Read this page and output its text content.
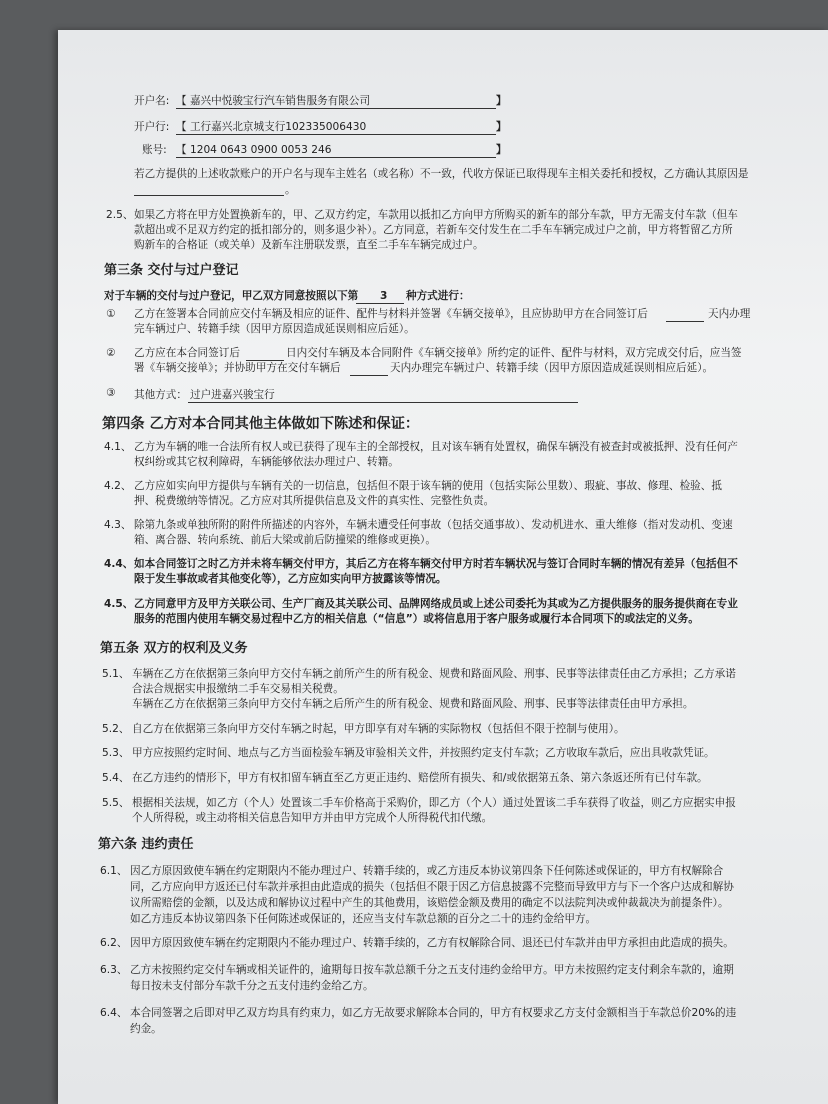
开户名: 【 嘉兴中悦骏宝行汽车销售服务有限公司	】
开户行: 【 工行嘉兴北京城支行102335006430	】
账号: 【 1204 0643 0900 0053 246	】
若乙方提供的上述收款账户的开户名与现车主姓名（或名称）不一致，代收方保证已取得现车主相关委托和授权，乙方确认其原因是
。
2.5、 如果乙方将在甲方处置换新车的，甲、乙双方约定，车款用以抵扣乙方向甲方所购买的新车的部分车款，甲方无需支付车款（但车
款超出或不足双方约定的抵扣部分的，则多退少补）。乙方同意，若新车交付发生在二手车车辆完成过户之前，甲方将暂留乙方所
购新车的合格证（或关单）及新车注册联发票，直至二手车车辆完成过户。
第三条 交付与过户登记
对于车辆的交付与过户登记，甲乙双方同意按照以下第 3 种方式进行：
① 乙方在签署本合同前应交付车辆及相应的证件、配件与材料并签署《车辆交接单》，且应协助甲方在合同签订后	天内办理
完车辆过户、转籍手续（因甲方原因造成延误则相应后延）。
② 乙方应在本合同签订后	日内交付车辆及本合同附件《车辆交接单》所约定的证件、配件与材料，双方完成交付后，应当签
署《车辆交接单》；并协助甲方在交付车辆后	天内办理完车辆过户、转籍手续（因甲方原因造成延误则相应后延）。
③ 其他方式： 过户进嘉兴骏宝行
第四条 乙方对本合同其他主体做如下陈述和保证：
4.1、 乙方为车辆的唯一合法所有权人或已获得了现车主的全部授权，且对该车辆有处置权，确保车辆没有被查封或被抵押、没有任何产
权纠纷或其它权利障碍，车辆能够依法办理过户、转籍。
4.2、 乙方应如实向甲方提供与车辆有关的一切信息，包括但不限于该车辆的使用（包括实际公里数）、瑕疵、事故、修理、检验、抵
押、税费缴纳等情况。乙方应对其所提供信息及文件的真实性、完整性负责。
4.3、 除第九条或单独所附的附件所描述的内容外，车辆未遭受任何事故（包括交通事故）、发动机进水、重大维修（指对发动机、变速
箱、离合器、转向系统、前后大梁或前后防撞梁的维修或更换）。
4.4、 如本合同签订之时乙方并未将车辆交付甲方，其后乙方在将车辆交付甲方时若车辆状况与签订合同时车辆的情况有差异（包括但不
限于发生事故或者其他变化等），乙方应如实向甲方披露该等情况。
4.5、 乙方同意甲方及甲方关联公司、生产厂商及其关联公司、品牌网络成员或上述公司委托为其或为乙方提供服务的服务提供商在专业
服务的范围内使用车辆交易过程中乙方的相关信息（“信息”）或将信息用于客户服务或履行本合同项下的或法定的义务。
第五条 双方的权利及义务
5.1、 车辆在乙方在依据第三条向甲方交付车辆之前所产生的所有税金、规费和路面风险、刑事、民事等法律责任由乙方承担；乙方承诺
合法合规据实申报缴纳二手车交易相关税费。
车辆在乙方在依据第三条向甲方交付车辆之后所产生的所有税金、规费和路面风险、刑事、民事等法律责任由甲方承担。
5.2、 自乙方在依据第三条向甲方交付车辆之时起，甲方即享有对车辆的实际物权（包括但不限于控制与使用）。
5.3、 甲方应按照约定时间、地点与乙方当面检验车辆及审验相关文件，并按照约定支付车款；乙方收取车款后，应出具收款凭证。
5.4、 在乙方违约的情形下，甲方有权扣留车辆直至乙方更正违约、赔偿所有损失、和/或依据第五条、第六条返还所有已付车款。
5.5、 根据相关法规，如乙方（个人）处置该二手车价格高于采购价，即乙方（个人）通过处置该二手车获得了收益，则乙方应据实申报
个人所得税，或主动将相关信息告知甲方并由甲方完成个人所得税代扣代缴。
第六条 违约责任
6.1、 因乙方原因致使车辆在约定期限内不能办理过户、转籍手续的，或乙方违反本协议第四条下任何陈述或保证的，甲方有权解除合
同，乙方应向甲方返还已付车款并承担由此造成的损失（包括但不限于因乙方信息披露不完整而导致甲方与下一个客户达成和解协
议所需赔偿的金额，以及达成和解协议过程中产生的其他费用，该赔偿金额及费用的确定不以法院判决或仲裁裁决为前提条件）。
如乙方违反本协议第四条下任何陈述或保证的，还应当支付车款总额的百分之二十的违约金给甲方。
6.2、 因甲方原因致使车辆在约定期限内不能办理过户、转籍手续的，乙方有权解除合同、退还已付车款并由甲方承担由此造成的损失。
6.3、 乙方未按照约定交付车辆或相关证件的，逾期每日按车款总额千分之五支付违约金给甲方。甲方未按照约定支付剩余车款的，逾期
每日按未支付部分车款千分之五支付违约金给乙方。
6.4、 本合同签署之后即对甲乙双方均具有约束力，如乙方无故要求解除本合同的，甲方有权要求乙方支付金额相当于车款总价20%的违
约金。
